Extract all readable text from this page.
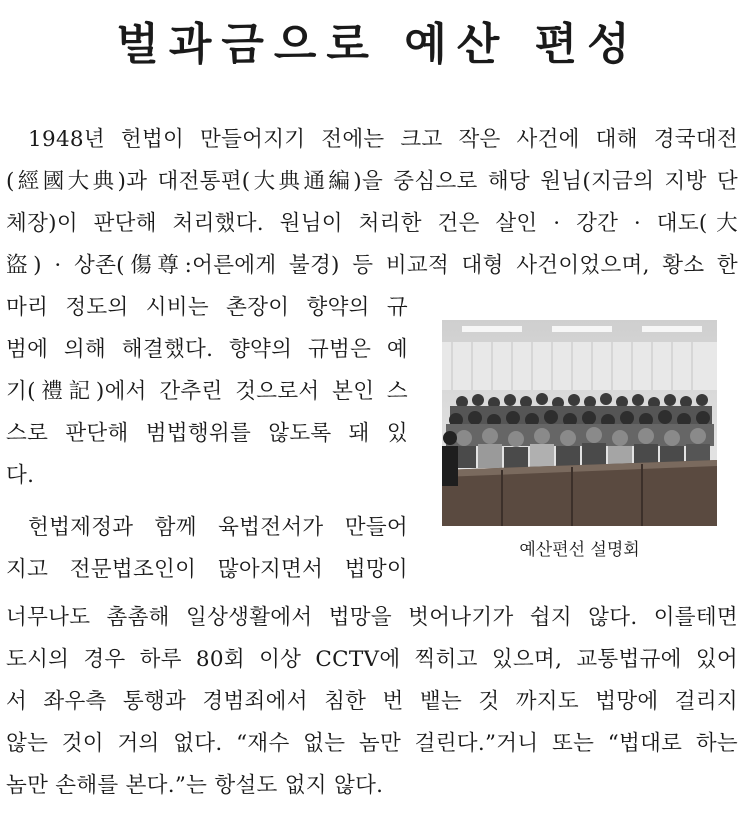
벌과금으로 예산 편성
1948년 헌법이 만들어지기 전에는 크고 작은 사건에 대해 경국대전
(經國大典)과 대전통편(大典通編)을 중심으로 해당 원님(지금의 지방 단
체장)이 판단해 처리했다. 원님이 처리한 건은 살인 · 강간 · 대도(大
盜) · 상존(傷尊:어른에게 불경) 등 비교적 대형 사건이었으며, 황소 한
마리 정도의 시비는 촌장이 향약의 규
범에 의해 해결했다. 향약의 규범은 예
기(禮記)에서 간추린 것으로서 본인 스
스로 판단해 범법행위를 않도록 돼 있
다.
헌법제정과 함께 육법전서가 만들어
지고 전문법조인이 많아지면서 법망이
너무나도 촘촘해 일상생활에서 법망을 벗어나기가 쉽지 않다. 이를테면
도시의 경우 하루 80회 이상 CCTV에 찍히고 있으며, 교통법규에 있어
서 좌우측 통행과 경범죄에서 침한 번 뱉는 것 까지도 법망에 걸리지
않는 것이 거의 없다. “재수 없는 놈만 걸린다.”거니 또는 “법대로 하는
놈만 손해를 본다.”는 항설도 없지 않다.
예산편선 설명회
